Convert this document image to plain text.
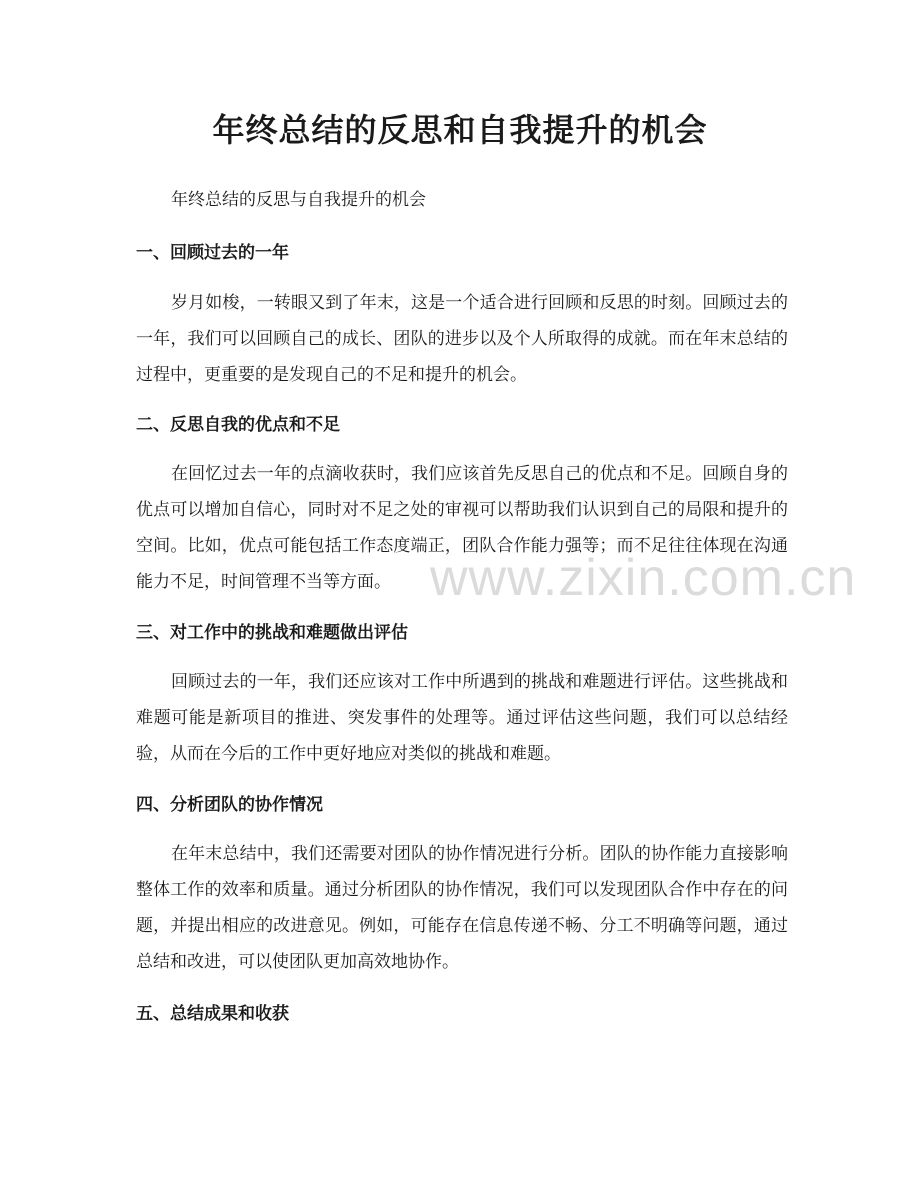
年终总结的反思和自我提升的机会

年终总结的反思与自我提升的机会

一、回顾过去的一年

岁月如梭，一转眼又到了年末，这是一个适合进行回顾和反思的时刻。回顾过去的一年，我们可以回顾自己的成长、团队的进步以及个人所取得的成就。而在年末总结的过程中，更重要的是发现自己的不足和提升的机会。

二、反思自我的优点和不足

在回忆过去一年的点滴收获时，我们应该首先反思自己的优点和不足。回顾自身的优点可以增加自信心，同时对不足之处的审视可以帮助我们认识到自己的局限和提升的空间。比如，优点可能包括工作态度端正，团队合作能力强等；而不足往往体现在沟通能力不足，时间管理不当等方面。

三、对工作中的挑战和难题做出评估

回顾过去的一年，我们还应该对工作中所遇到的挑战和难题进行评估。这些挑战和难题可能是新项目的推进、突发事件的处理等。通过评估这些问题，我们可以总结经验，从而在今后的工作中更好地应对类似的挑战和难题。

四、分析团队的协作情况

在年末总结中，我们还需要对团队的协作情况进行分析。团队的协作能力直接影响整体工作的效率和质量。通过分析团队的协作情况，我们可以发现团队合作中存在的问题，并提出相应的改进意见。例如，可能存在信息传递不畅、分工不明确等问题，通过总结和改进，可以使团队更加高效地协作。

五、总结成果和收获
www.zixin.com.cn
